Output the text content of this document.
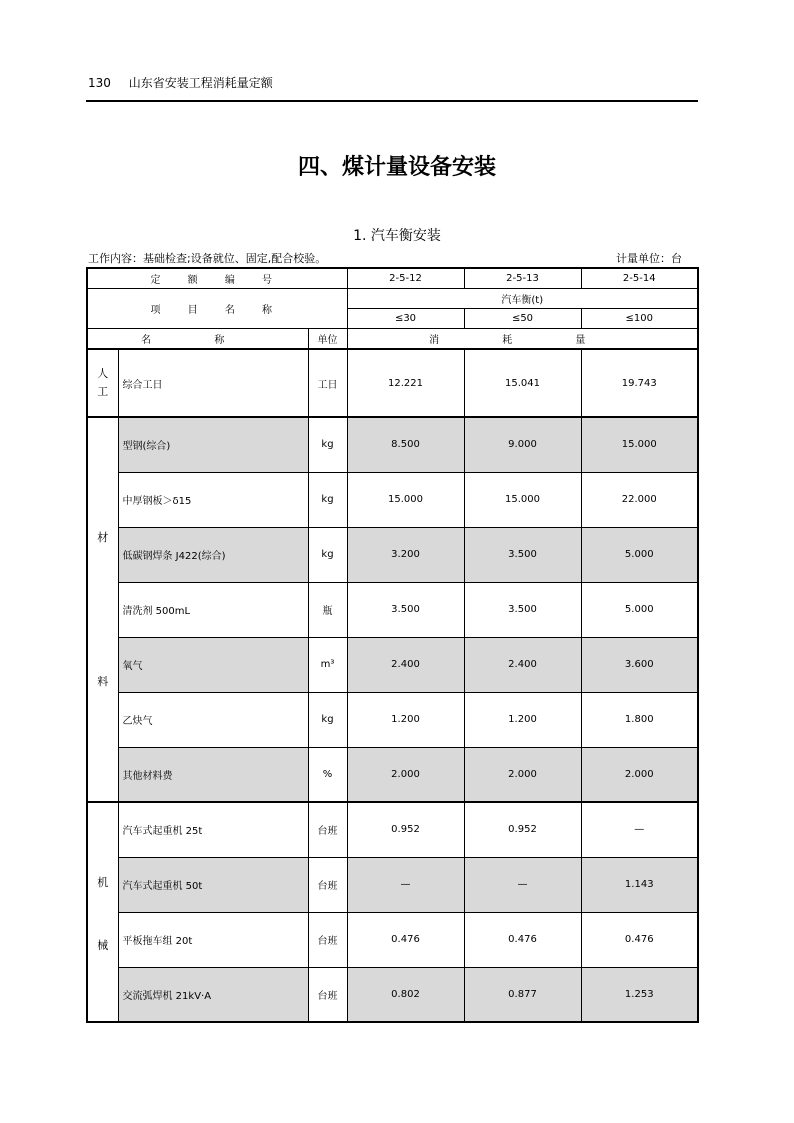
130 山东省安装工程消耗量定额
四、煤计量设备安装
1. 汽车衡安装
工作内容：基础检查;设备就位、固定,配合校验。	计量单位：台
定 额 编 号			2-5-12	2-5-13	2-5-14
项 目 名 称			汽车衡(t)		
			≤30	≤50	≤100
名 称		单位	消 耗 量		
人工	综合工日	工日	12.221	15.041	19.743

材
料	型钢(综合)	kg	8.500	9.000	15.000
	中厚钢板＞δ15	kg	15.000	15.000	22.000
	低碳钢焊条 J422(综合)	kg	3.200	3.500	5.000
	清洗剂 500mL	瓶	3.500	3.500	5.000
	氧气	m³	2.400	2.400	3.600
	乙炔气	kg	1.200	1.200	1.800
	其他材料费	%	2.000	2.000	2.000

机
械	汽车式起重机 25t	台班	0.952	0.952	—
	汽车式起重机 50t	台班	—	—	1.143
	平板拖车组 20t	台班	0.476	0.476	0.476
	交流弧焊机 21kV·A	台班	0.802	0.877	1.253
